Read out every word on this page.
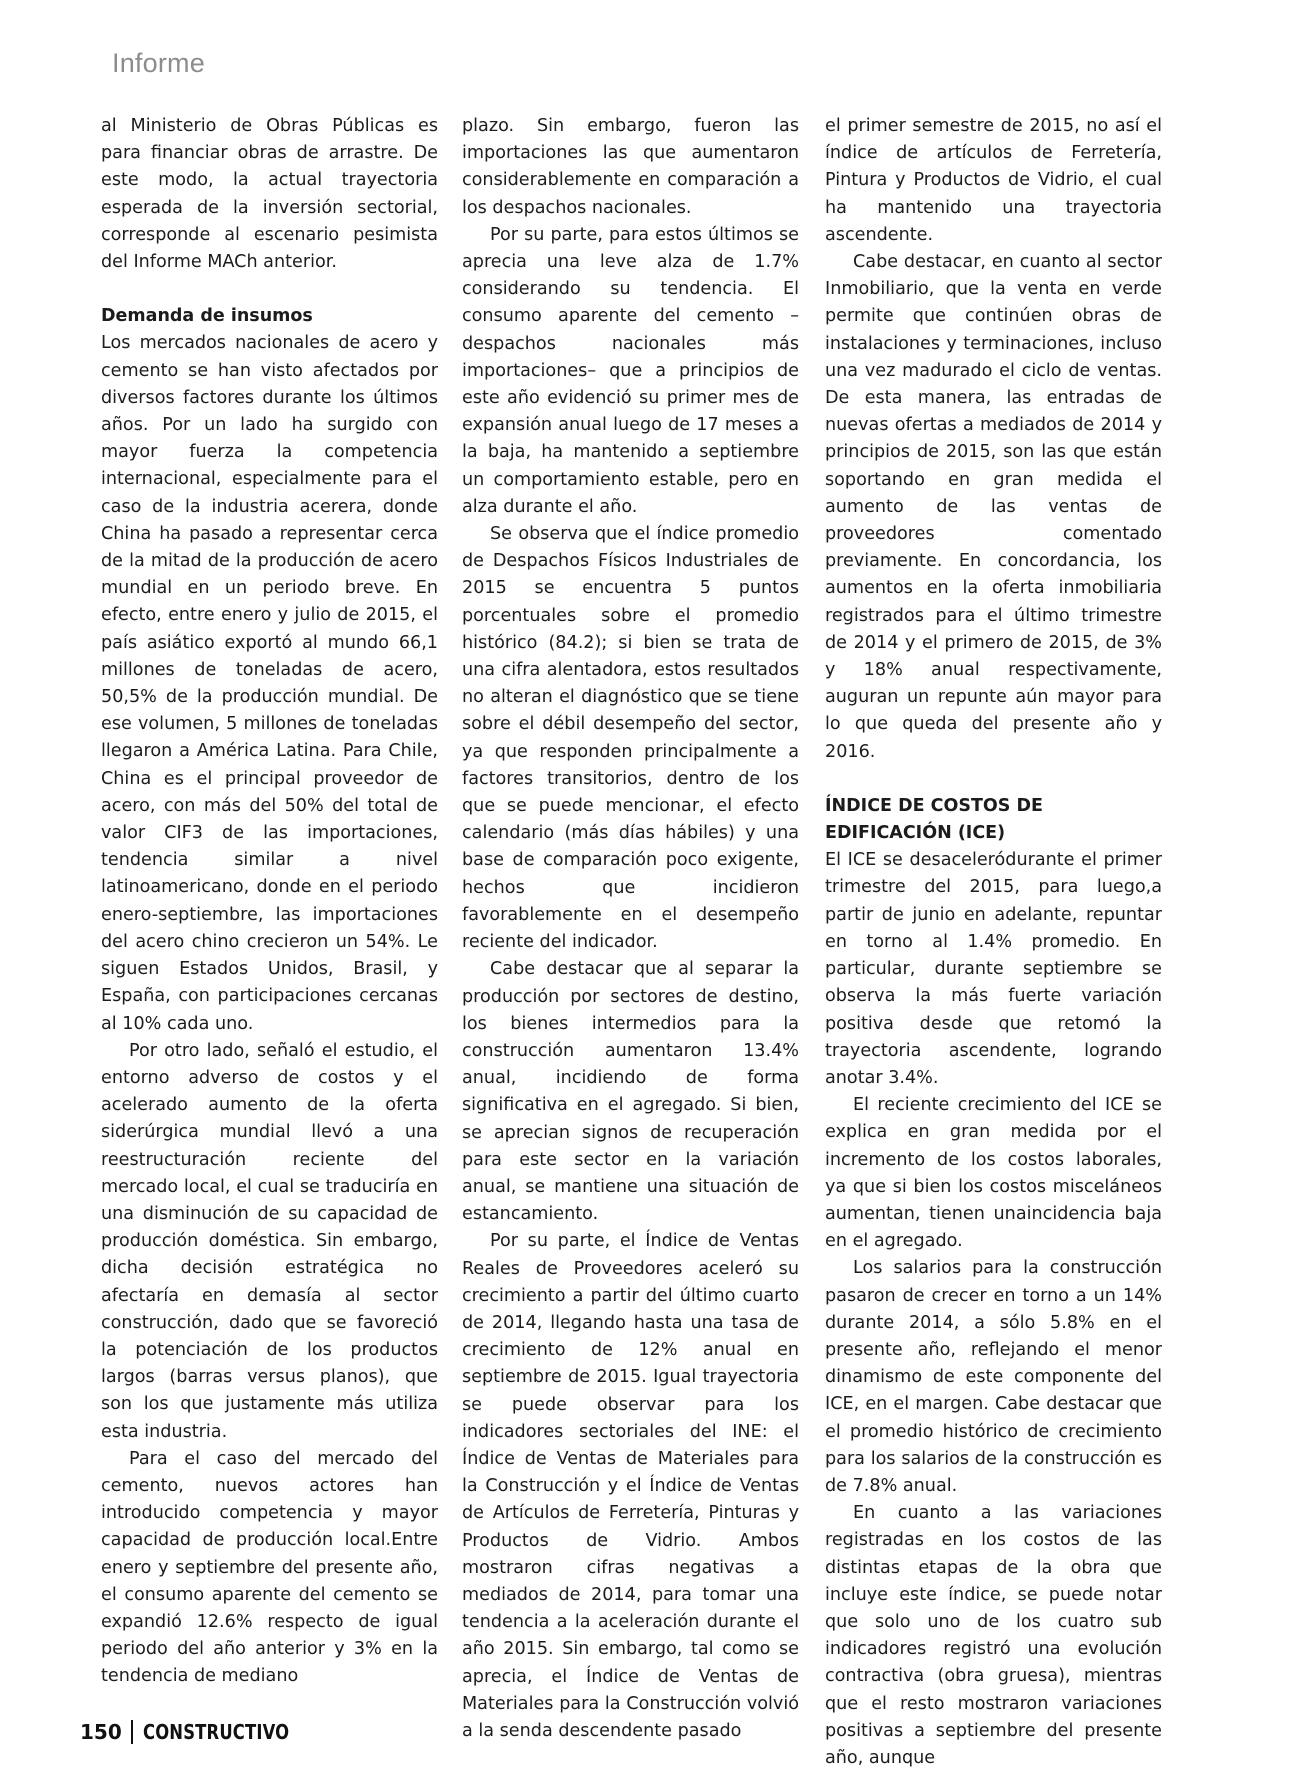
Informe

al Ministerio de Obras Públicas es para financiar obras de arrastre. De este modo, la actual trayectoria esperada de la inversión sectorial, corresponde al escenario pesimista del Informe MACh anterior.

Demanda de insumos

Los mercados nacionales de acero y cemento se han visto afectados por diversos factores durante los últimos años. Por un lado ha surgido con mayor fuerza la competencia internacional, especialmente para el caso de la industria acerera, donde China ha pasado a representar cerca de la mitad de la producción de acero mundial en un periodo breve. En efecto, entre enero y julio de 2015, el país asiático exportó al mundo 66,1 millones de toneladas de acero, 50,5% de la producción mundial. De ese volumen, 5 millones de toneladas llegaron a América Latina. Para Chile, China es el principal proveedor de acero, con más del 50% del total de valor CIF3 de las importaciones, tendencia similar a nivel latinoamericano, donde en el periodo enero-septiembre, las importaciones del acero chino crecieron un 54%. Le siguen Estados Unidos, Brasil, y España, con participaciones cercanas al 10% cada uno.

Por otro lado, señaló el estudio, el entorno adverso de costos y el acelerado aumento de la oferta siderúrgica mundial llevó a una reestructuración reciente del mercado local, el cual se traduciría en una disminución de su capacidad de producción doméstica. Sin embargo, dicha decisión estratégica no afectaría en demasía al sector construcción, dado que se favoreció la potenciación de los productos largos (barras versus planos), que son los que justamente más utiliza esta industria.

Para el caso del mercado del cemento, nuevos actores han introducido competencia y mayor capacidad de producción local.Entre enero y septiembre del presente año, el consumo aparente del cemento se expandió 12.6% respecto de igual periodo del año anterior y 3% en la tendencia de mediano

plazo. Sin embargo, fueron las importaciones las que aumentaron considerablemente en comparación a los despachos nacionales.

Por su parte, para estos últimos se aprecia una leve alza de 1.7% considerando su tendencia. El consumo aparente del cemento –despachos nacionales más importaciones– que a principios de este año evidenció su primer mes de expansión anual luego de 17 meses a la baja, ha mantenido a septiembre un comportamiento estable, pero en alza durante el año.

Se observa que el índice promedio de Despachos Físicos Industriales de 2015 se encuentra 5 puntos porcentuales sobre el promedio histórico (84.2); si bien se trata de una cifra alentadora, estos resultados no alteran el diagnóstico que se tiene sobre el débil desempeño del sector, ya que responden principalmente a factores transitorios, dentro de los que se puede mencionar, el efecto calendario (más días hábiles) y una base de comparación poco exigente, hechos que incidieron favorablemente en el desempeño reciente del indicador.

Cabe destacar que al separar la producción por sectores de destino, los bienes intermedios para la construcción aumentaron 13.4% anual, incidiendo de forma significativa en el agregado. Si bien, se aprecian signos de recuperación para este sector en la variación anual, se mantiene una situación de estancamiento.

Por su parte, el Índice de Ventas Reales de Proveedores aceleró su crecimiento a partir del último cuarto de 2014, llegando hasta una tasa de crecimiento de 12% anual en septiembre de 2015. Igual trayectoria se puede observar para los indicadores sectoriales del INE: el Índice de Ventas de Materiales para la Construcción y el Índice de Ventas de Artículos de Ferretería, Pinturas y Productos de Vidrio. Ambos mostraron cifras negativas a mediados de 2014, para tomar una tendencia a la aceleración durante el año 2015. Sin embargo, tal como se aprecia, el Índice de Ventas de Materiales para la Construcción volvió a la senda descendente pasado

el primer semestre de 2015, no así el índice de artículos de Ferretería, Pintura y Productos de Vidrio, el cual ha mantenido una trayectoria ascendente.

Cabe destacar, en cuanto al sector Inmobiliario, que la venta en verde permite que continúen obras de instalaciones y terminaciones, incluso una vez madurado el ciclo de ventas. De esta manera, las entradas de nuevas ofertas a mediados de 2014 y principios de 2015, son las que están soportando en gran medida el aumento de las ventas de proveedores comentado previamente. En concordancia, los aumentos en la oferta inmobiliaria registrados para el último trimestre de 2014 y el primero de 2015, de 3% y 18% anual respectivamente, auguran un repunte aún mayor para lo que queda del presente año y 2016.

ÍNDICE DE COSTOS DE
EDIFICACIÓN (ICE)

El ICE se desaceleródurante el primer trimestre del 2015, para luego,a partir de junio en adelante, repuntar en torno al 1.4% promedio. En particular, durante septiembre se observa la más fuerte variación positiva desde que retomó la trayectoria ascendente, logrando anotar 3.4%.

El reciente crecimiento del ICE se explica en gran medida por el incremento de los costos laborales, ya que si bien los costos misceláneos aumentan, tienen unaincidencia baja en el agregado.

Los salarios para la construcción pasaron de crecer en torno a un 14% durante 2014, a sólo 5.8% en el presente año, reflejando el menor dinamismo de este componente del ICE, en el margen. Cabe destacar que el promedio histórico de crecimiento para los salarios de la construcción es de 7.8% anual.

En cuanto a las variaciones registradas en los costos de las distintas etapas de la obra que incluye este índice, se puede notar que solo uno de los cuatro sub indicadores registró una evolución contractiva (obra gruesa), mientras que el resto mostraron variaciones positivas a septiembre del presente año, aunque

150 CONSTRUCTIVO
